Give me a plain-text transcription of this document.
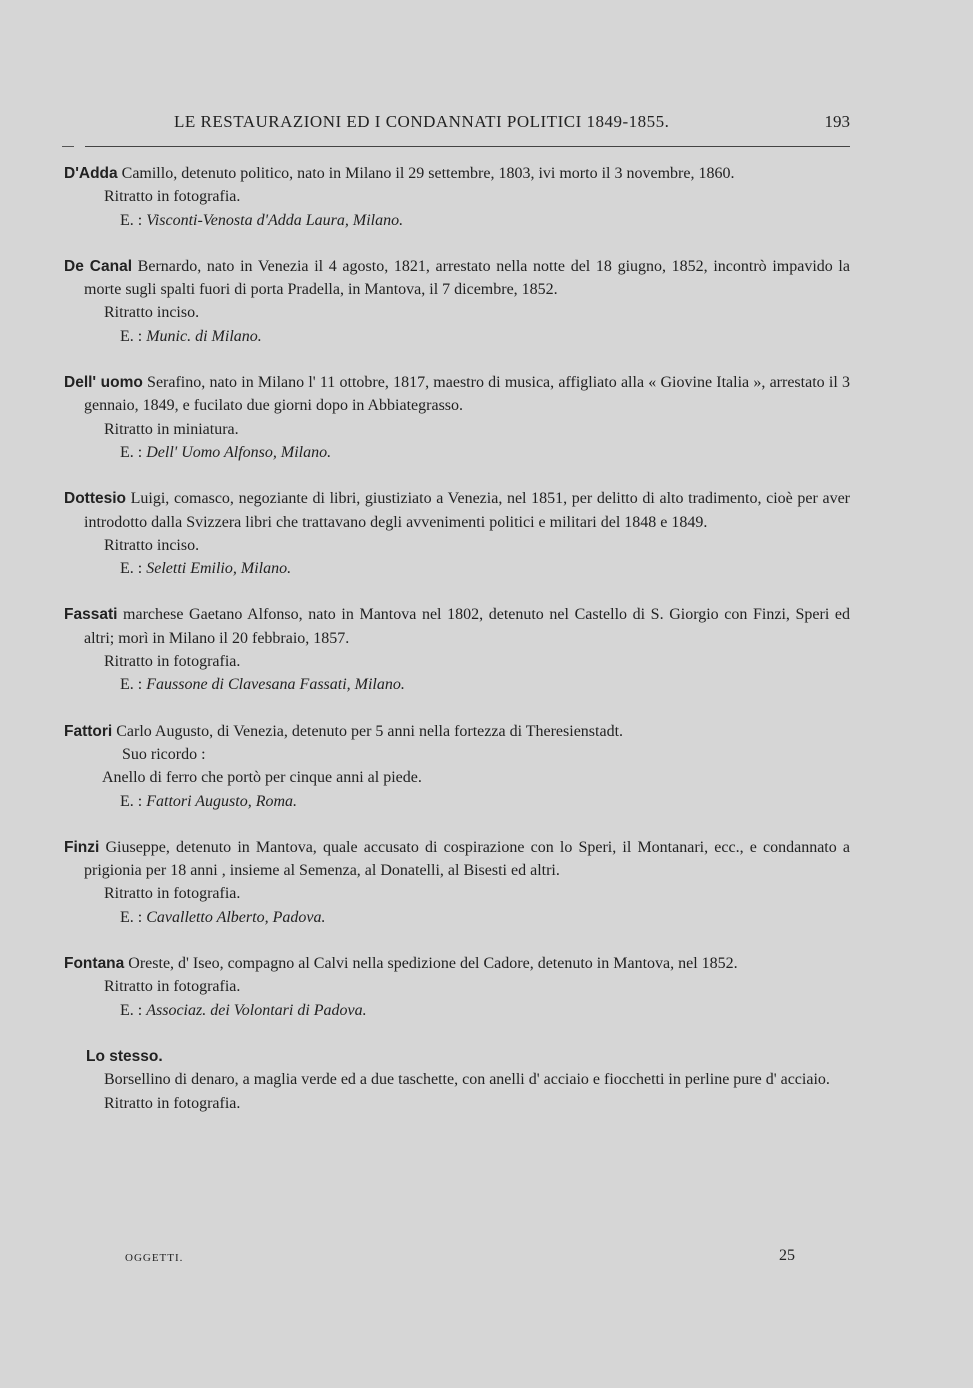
LE RESTAURAZIONI ED I CONDANNATI POLITICI 1849-1855.	193

D'Adda Camillo, detenuto politico, nato in Milano il 29 settembre, 1803, ivi morto il 3 novembre, 1860.

Ritratto in fotografia.

E. : Visconti-Venosta d'Adda Laura, Milano.

De Canal Bernardo, nato in Venezia il 4 agosto, 1821, arrestato nella notte del 18 giugno, 1852, incontrò impavido la morte sugli spalti fuori di porta Pradella, in Mantova, il 7 dicembre, 1852.

Ritratto inciso.

E. : Munic. di Milano.

Dell' uomo Serafino, nato in Milano l' 11 ottobre, 1817, maestro di musica, affigliato alla « Giovine Italia », arrestato il 3 gennaio, 1849, e fucilato due giorni dopo in Abbiategrasso.

Ritratto in miniatura.

E. : Dell' Uomo Alfonso, Milano.

Dottesio Luigi, comasco, negoziante di libri, giustiziato a Venezia, nel 1851, per delitto di alto tradimento, cioè per aver introdotto dalla Svizzera libri che trattavano degli avvenimenti politici e militari del 1848 e 1849.

Ritratto inciso.

E. : Seletti Emilio, Milano.

Fassati marchese Gaetano Alfonso, nato in Mantova nel 1802, detenuto nel Castello di S. Giorgio con Finzi, Speri ed altri; morì in Milano il 20 febbraio, 1857.

Ritratto in fotografia.

E. : Faussone di Clavesana Fassati, Milano.

Fattori Carlo Augusto, di Venezia, detenuto per 5 anni nella fortezza di Theresienstadt.

Suo ricordo :

Anello di ferro che portò per cinque anni al piede.

E. : Fattori Augusto, Roma.

Finzi Giuseppe, detenuto in Mantova, quale accusato di cospirazione con lo Speri, il Montanari, ecc., e condannato a prigionia per 18 anni , insieme al Semenza, al Donatelli, al Bisesti ed altri.

Ritratto in fotografia.

E. : Cavalletto Alberto, Padova.

Fontana Oreste, d' Iseo, compagno al Calvi nella spedizione del Cadore, detenuto in Mantova, nel 1852.

Ritratto in fotografia.

E. : Associaz. dei Volontari di Padova.

Lo stesso.

Borsellino di denaro, a maglia verde ed a due taschette, con anelli d' acciaio e fiocchetti in perline pure d' acciaio.

Ritratto in fotografia.

OGGETTI.	25
